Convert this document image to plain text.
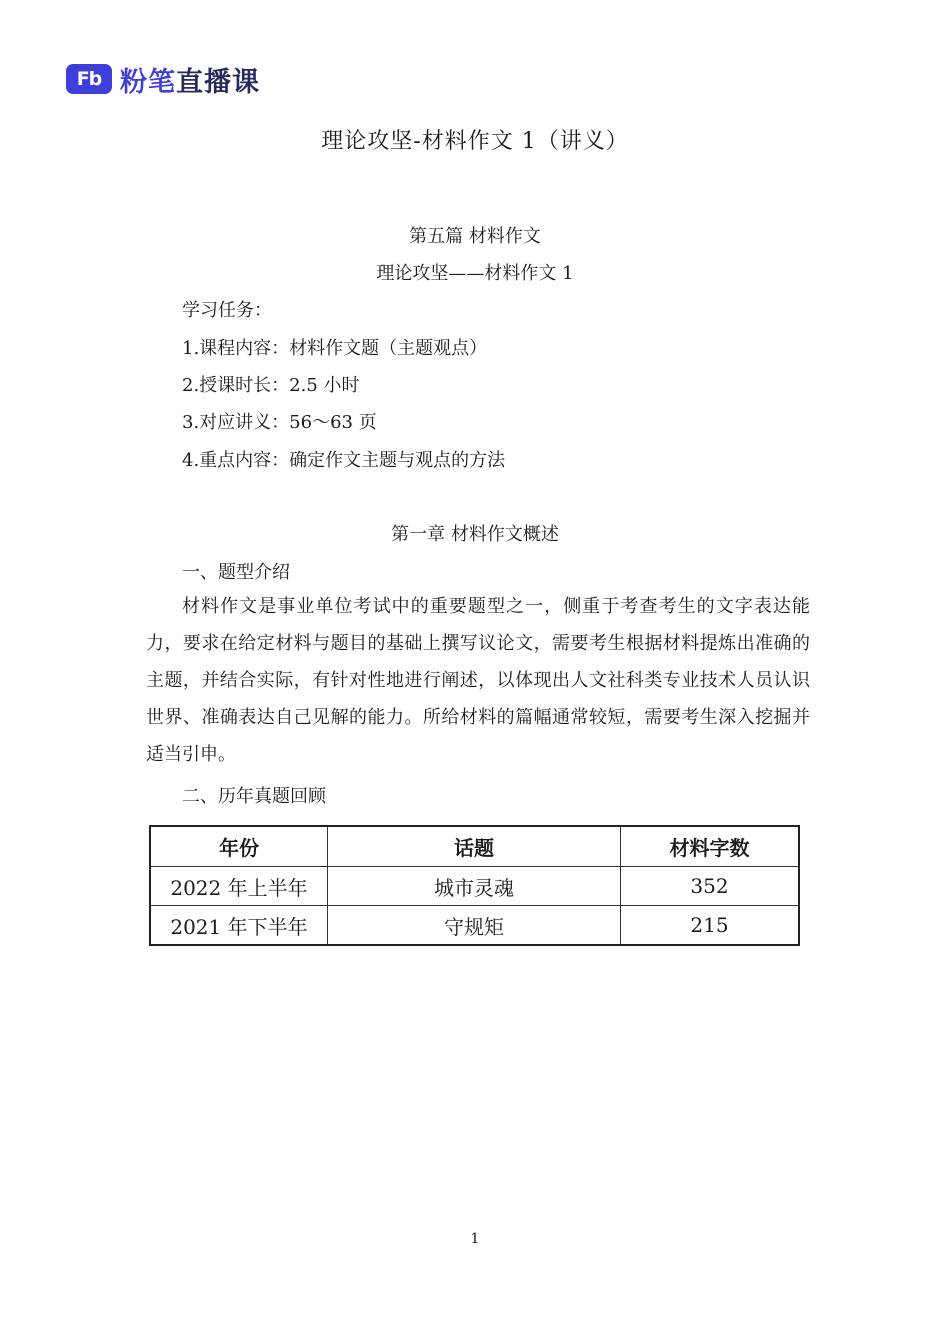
Fb 粉笔直播课
理论攻坚-材料作文 1（讲义）
第五篇 材料作文
理论攻坚——材料作文 1
学习任务：
1.课程内容：材料作文题（主题观点）
2.授课时长：2.5 小时
3.对应讲义：56～63 页
4.重点内容：确定作文主题与观点的方法
第一章 材料作文概述
一、题型介绍
材料作文是事业单位考试中的重要题型之一，侧重于考查考生的文字表达能力，要求在给定材料与题目的基础上撰写议论文，需要考生根据材料提炼出准确的主题，并结合实际，有针对性地进行阐述，以体现出人文社科类专业技术人员认识世界、准确表达自己见解的能力。所给材料的篇幅通常较短，需要考生深入挖掘并适当引申。
二、历年真题回顾
年份	话题	材料字数
2022 年上半年	城市灵魂	352
2021 年下半年	守规矩	215
1
